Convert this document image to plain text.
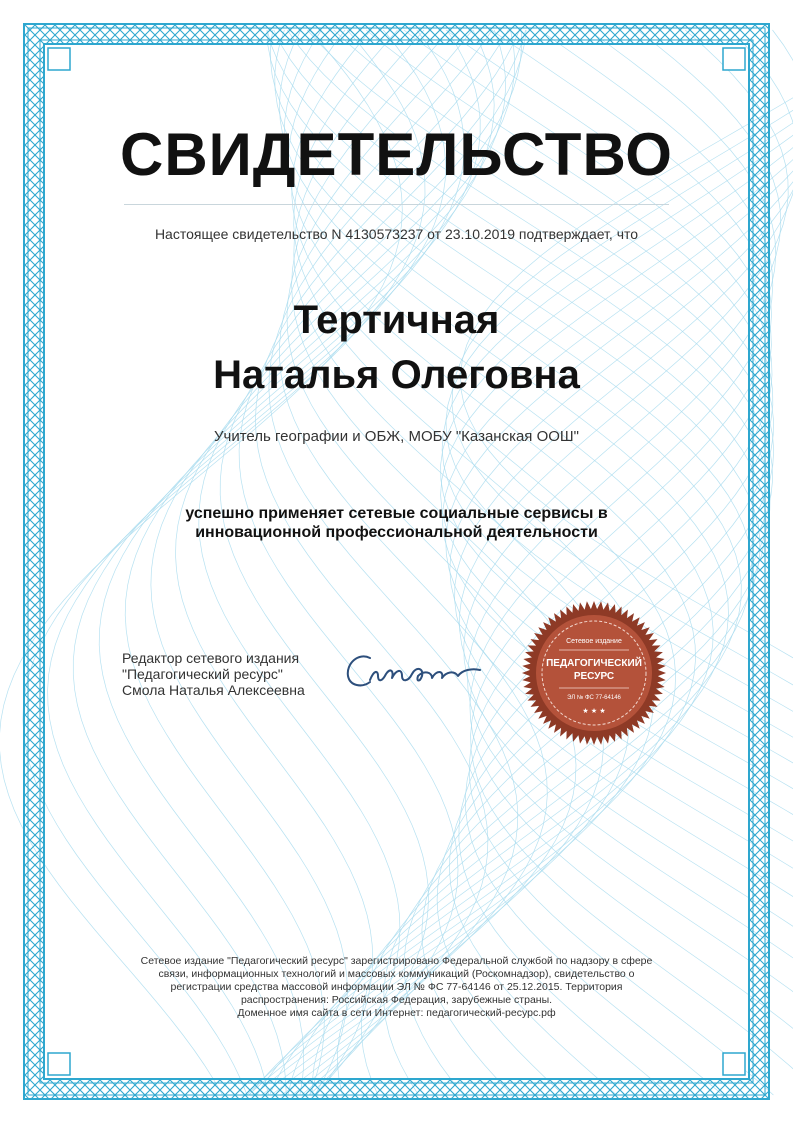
СВИДЕТЕЛЬСТВО
Настоящее свидетельство N 4130573237 от 23.10.2019 подтверждает, что
Тертичная
Наталья Олеговна
Учитель географии и ОБЖ, МОБУ "Казанская ООШ"
успешно применяет сетевые социальные сервисы в
инновационной профессиональной деятельности
Редактор сетевого издания
"Педагогический ресурс"
Смола Наталья Алексеевна
Сетевое издание
ПЕДАГОГИЧЕСКИЙ
РЕСУРС
ЭЛ № ФС 77-64146
★ ★ ★
Сетевое издание "Педагогический ресурс" зарегистрировано Федеральной службой по надзору в сфере
связи, информационных технологий и массовых коммуникаций (Роскомнадзор), свидетельство о
регистрации средства массовой информации ЭЛ № ФС 77-64146 от 25.12.2015. Территория
распространения: Российская Федерация, зарубежные страны.
Доменное имя сайта в сети Интернет: педагогический-ресурс.рф
